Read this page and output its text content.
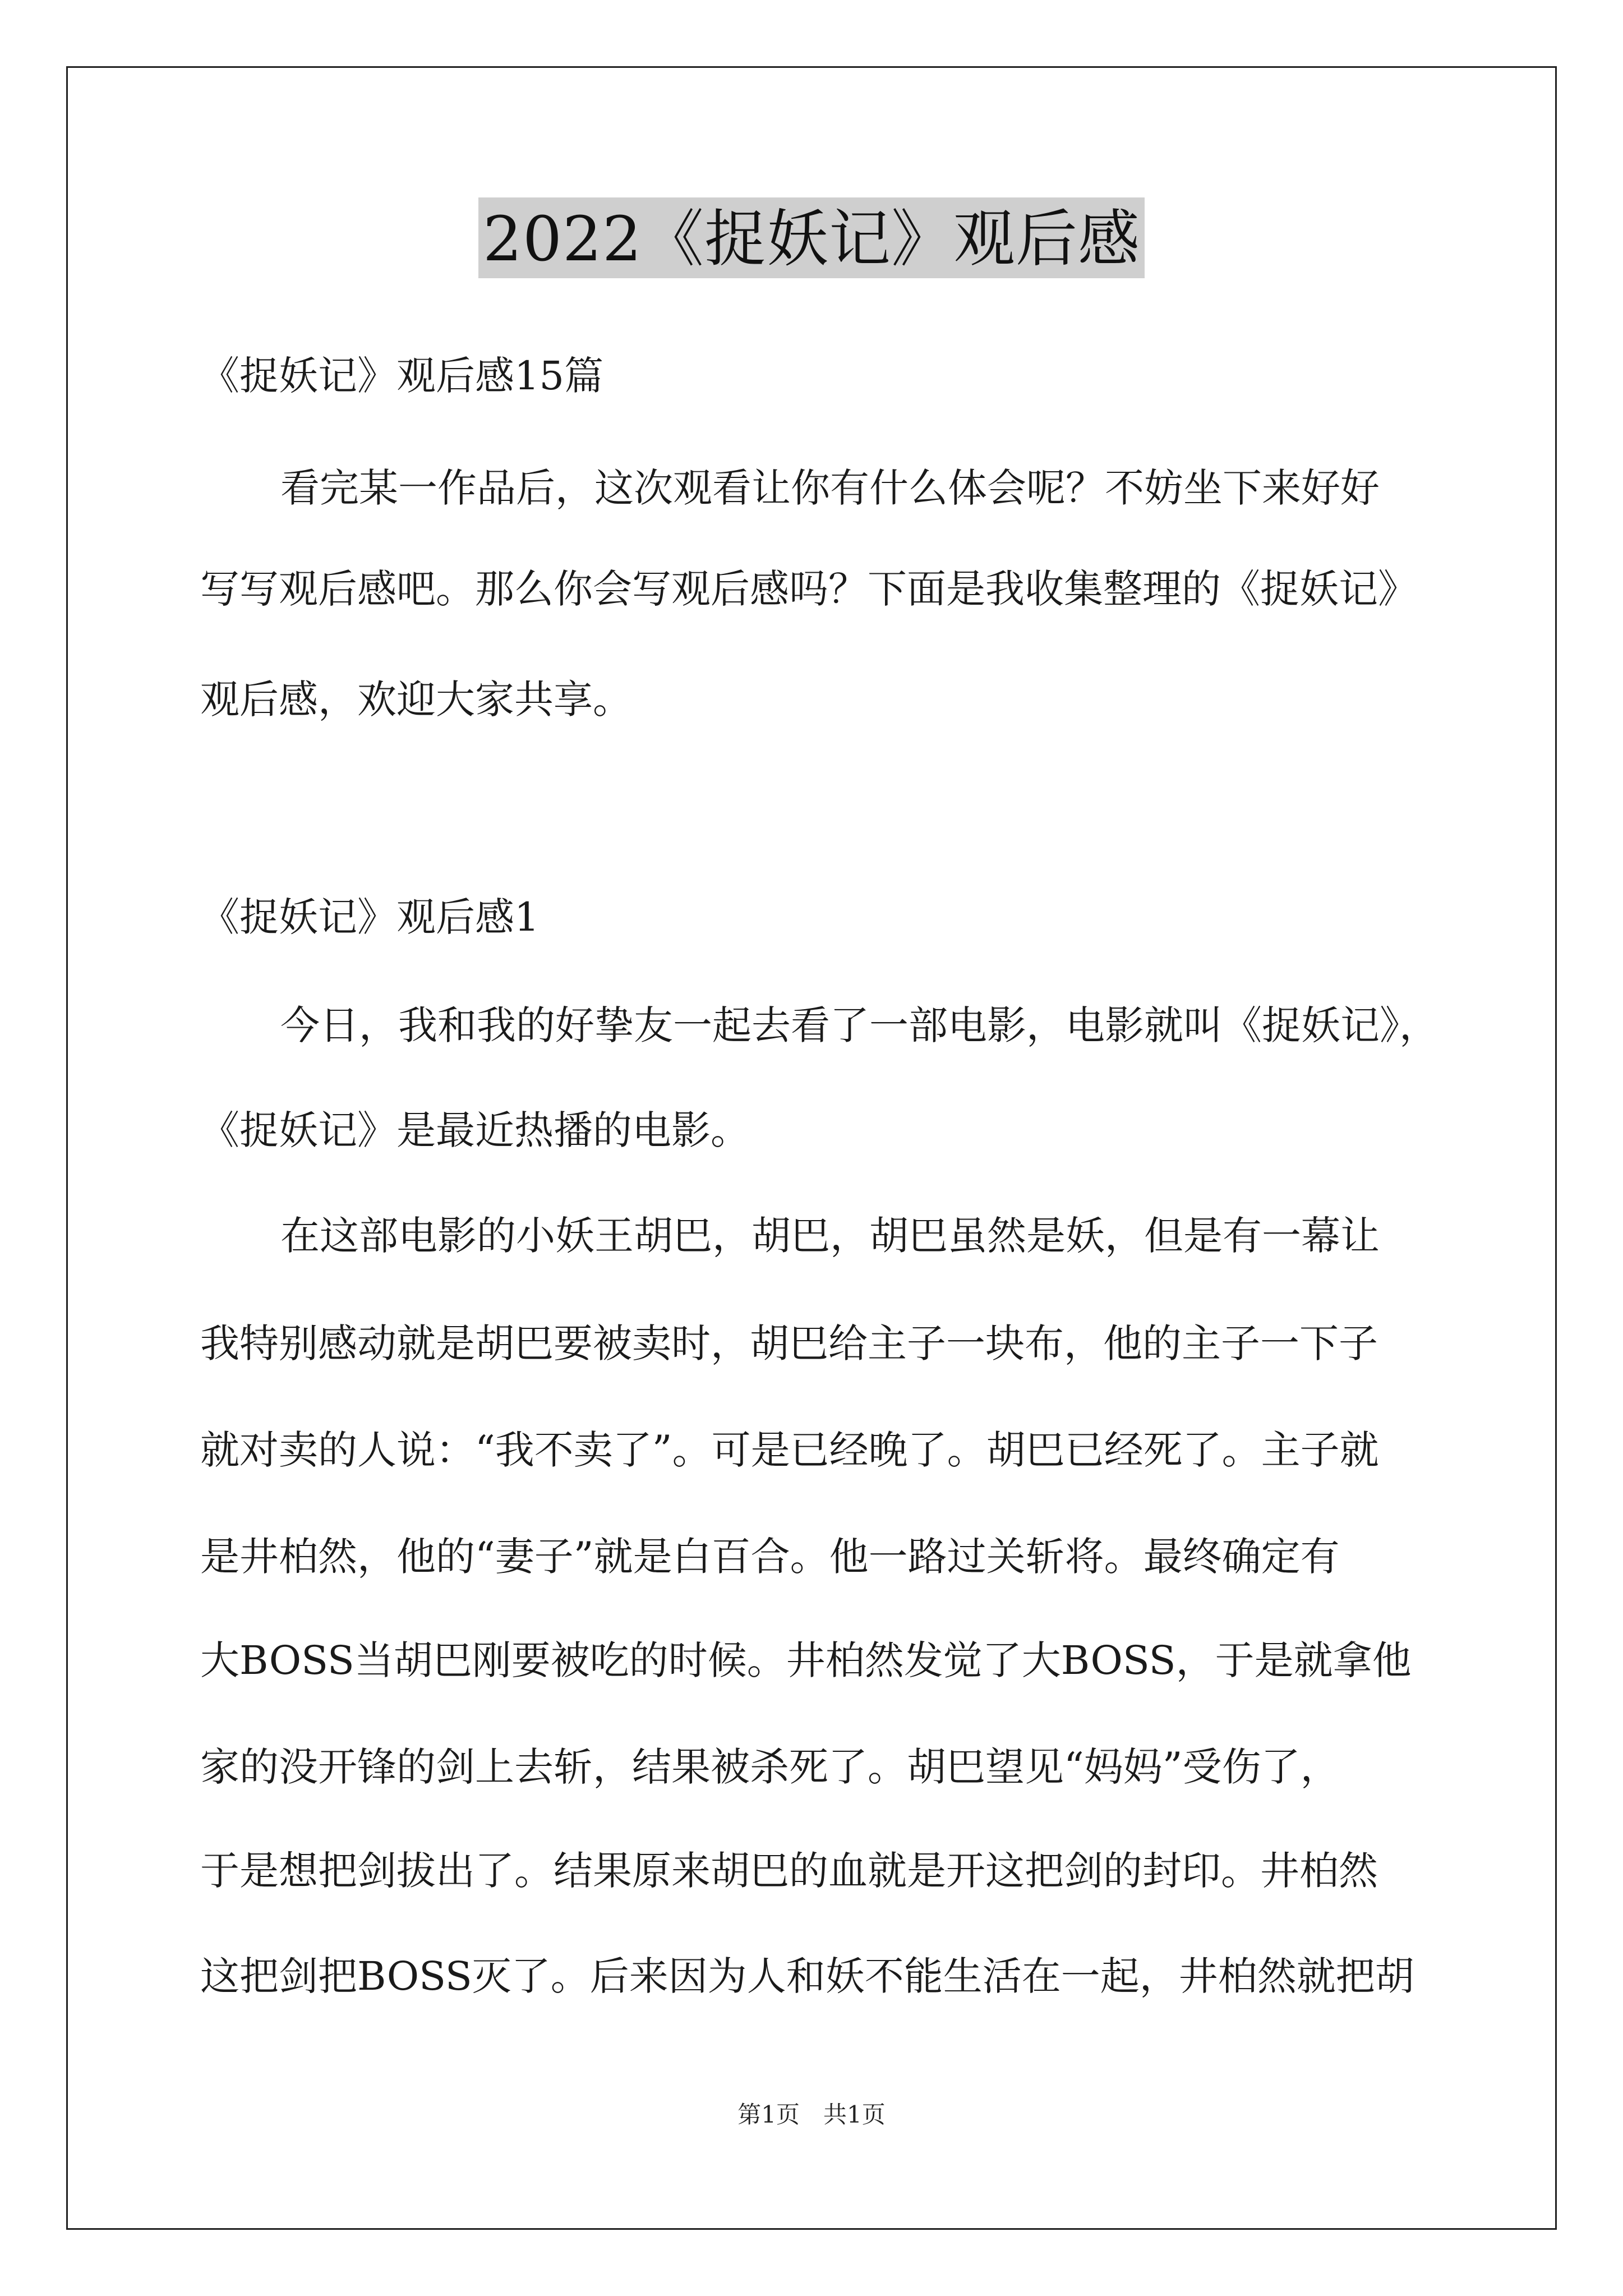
2022《捉妖记》观后感
《捉妖记》观后感15篇
看完某一作品后，这次观看让你有什么体会呢？不妨坐下来好好
写写观后感吧。那么你会写观后感吗？下面是我收集整理的《捉妖记》
观后感，欢迎大家共享。
《捉妖记》观后感1
今日，我和我的好挚友一起去看了一部电影，电影就叫《捉妖记》，
《捉妖记》是最近热播的电影。
在这部电影的小妖王胡巴，胡巴，胡巴虽然是妖，但是有一幕让
我特别感动就是胡巴要被卖时，胡巴给主子一块布，他的主子一下子
就对卖的人说：“我不卖了”。可是已经晚了。胡巴已经死了。主子就
是井柏然，他的“妻子”就是白百合。他一路过关斩将。最终确定有
大BOSS当胡巴刚要被吃的时候。井柏然发觉了大BOSS，于是就拿他
家的没开锋的剑上去斩，结果被杀死了。胡巴望见“妈妈”受伤了，
于是想把剑拔出了。结果原来胡巴的血就是开这把剑的封印。井柏然
这把剑把BOSS灭了。后来因为人和妖不能生活在一起，井柏然就把胡
第1页　共1页
